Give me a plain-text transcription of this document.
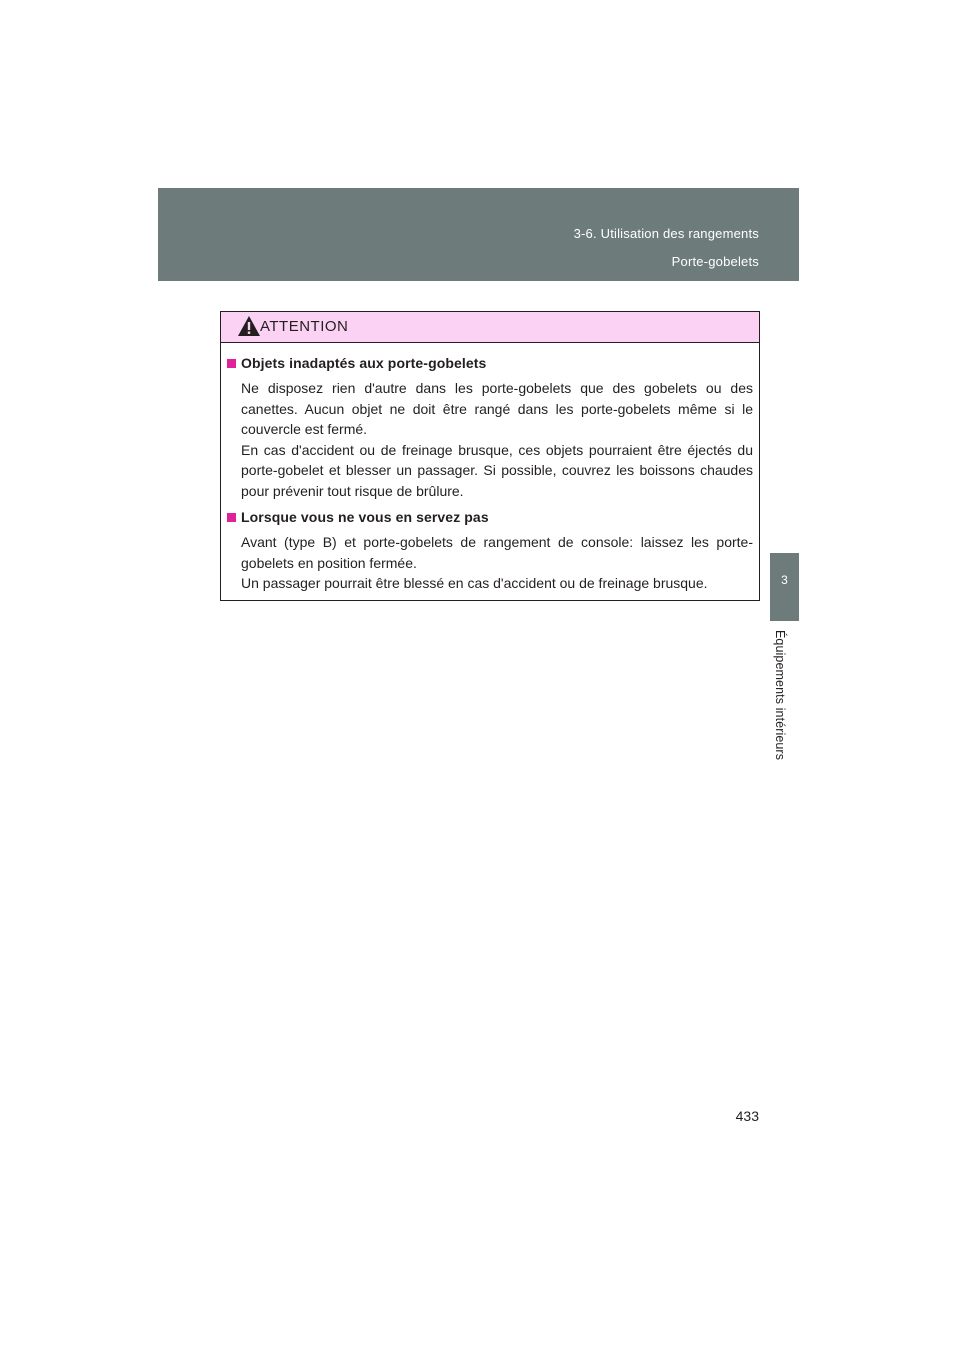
3-6. Utilisation des rangements
Porte-gobelets
3
Équipements intérieurs
ATTENTION
Objets inadaptés aux porte-gobelets
Ne disposez rien d'autre dans les porte-gobelets que des gobelets ou des canettes. Aucun objet ne doit être rangé dans les porte-gobelets même si le couvercle est fermé.
En cas d'accident ou de freinage brusque, ces objets pourraient être éjectés du porte-gobelet et blesser un passager. Si possible, couvrez les boissons chaudes pour prévenir tout risque de brûlure.
Lorsque vous ne vous en servez pas
Avant (type B) et porte-gobelets de rangement de console: laissez les porte-gobelets en position fermée.
Un passager pourrait être blessé en cas d'accident ou de freinage brusque.
433
